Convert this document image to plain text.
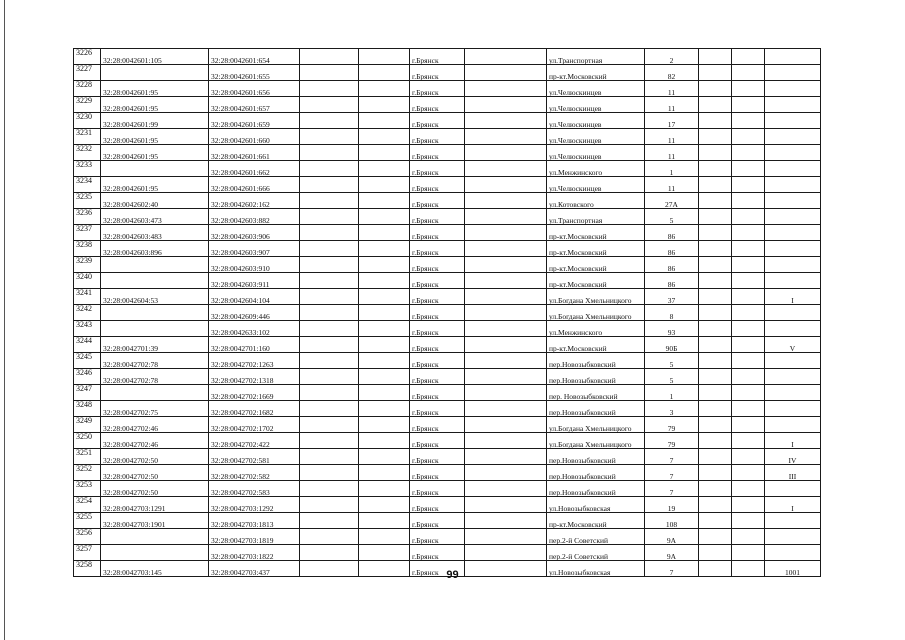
3226	32:28:0042601:105	32:28:0042601:654			г.Брянск		ул.Транспортная	2			
3227		32:28:0042601:655			г.Брянск		пр-кт.Московский	82			
3228	32:28:0042601:95	32:28:0042601:656			г.Брянск		ул.Челюскинцев	11			
3229	32:28:0042601:95	32:28:0042601:657			г.Брянск		ул.Челюскинцев	11			
3230	32:28:0042601:99	32:28:0042601:659			г.Брянск		ул.Челюскинцев	17			
3231	32:28:0042601:95	32:28:0042601:660			г.Брянск		ул.Челюскинцев	11			
3232	32:28:0042601:95	32:28:0042601:661			г.Брянск		ул.Челюскинцев	11			
3233		32:28:0042601:662			г.Брянск		ул.Менжинского	1			
3234	32:28:0042601:95	32:28:0042601:666			г.Брянск		ул.Челюскинцев	11			
3235	32:28:0042602:40	32:28:0042602:162			г.Брянск		ул.Котовского	27А			
3236	32:28:0042603:473	32:28:0042603:882			г.Брянск		ул.Транспортная	5			
3237	32:28:0042603:483	32:28:0042603:906			г.Брянск		пр-кт.Московский	86			
3238	32:28:0042603:896	32:28:0042603:907			г.Брянск		пр-кт.Московский	86			
3239		32:28:0042603:910			г.Брянск		пр-кт.Московский	86			
3240		32:28:0042603:911			г.Брянск		пр-кт.Московский	86			
3241	32:28:0042604:53	32:28:0042604:104			г.Брянск		ул.Богдана Хмельницкого	37			I
3242		32:28:0042609:446			г.Брянск		ул.Богдана Хмельницкого	8			
3243		32:28:0042633:102			г.Брянск		ул.Менжинского	93			
3244	32:28:0042701:39	32:28:0042701:160			г.Брянск		пр-кт.Московский	90Б			V
3245	32:28:0042702:78	32:28:0042702:1263			г.Брянск		пер.Новозыбковский	5			
3246	32:28:0042702:78	32:28:0042702:1318			г.Брянск		пер.Новозыбковский	5			
3247		32:28:0042702:1669			г.Брянск		пер. Новозыбковский	1			
3248	32:28:0042702:75	32:28:0042702:1682			г.Брянск		пер.Новозыбковский	3			
3249	32:28:0042702:46	32:28:0042702:1702			г.Брянск		ул.Богдана Хмельницкого	79			
3250	32:28:0042702:46	32:28:0042702:422			г.Брянск		ул.Богдана Хмельницкого	79			I
3251	32:28:0042702:50	32:28:0042702:581			г.Брянск		пер.Новозыбковский	7			IV
3252	32:28:0042702:50	32:28:0042702:582			г.Брянск		пер.Новозыбковский	7			III
3253	32:28:0042702:50	32:28:0042702:583			г.Брянск		пер.Новозыбковский	7			
3254	32:28:0042703:1291	32:28:0042703:1292			г.Брянск		ул.Новозыбковская	19			I
3255	32:28:0042703:1901	32:28:0042703:1813			г.Брянск		пр-кт.Московский	108			
3256		32:28:0042703:1819			г.Брянск		пер.2-й Советский	9А			
3257		32:28:0042703:1822			г.Брянск		пер.2-й Советский	9А			
3258	32:28:0042703:145	32:28:0042703:437			г.Брянск		ул.Новозыбковская	7			1001
99
